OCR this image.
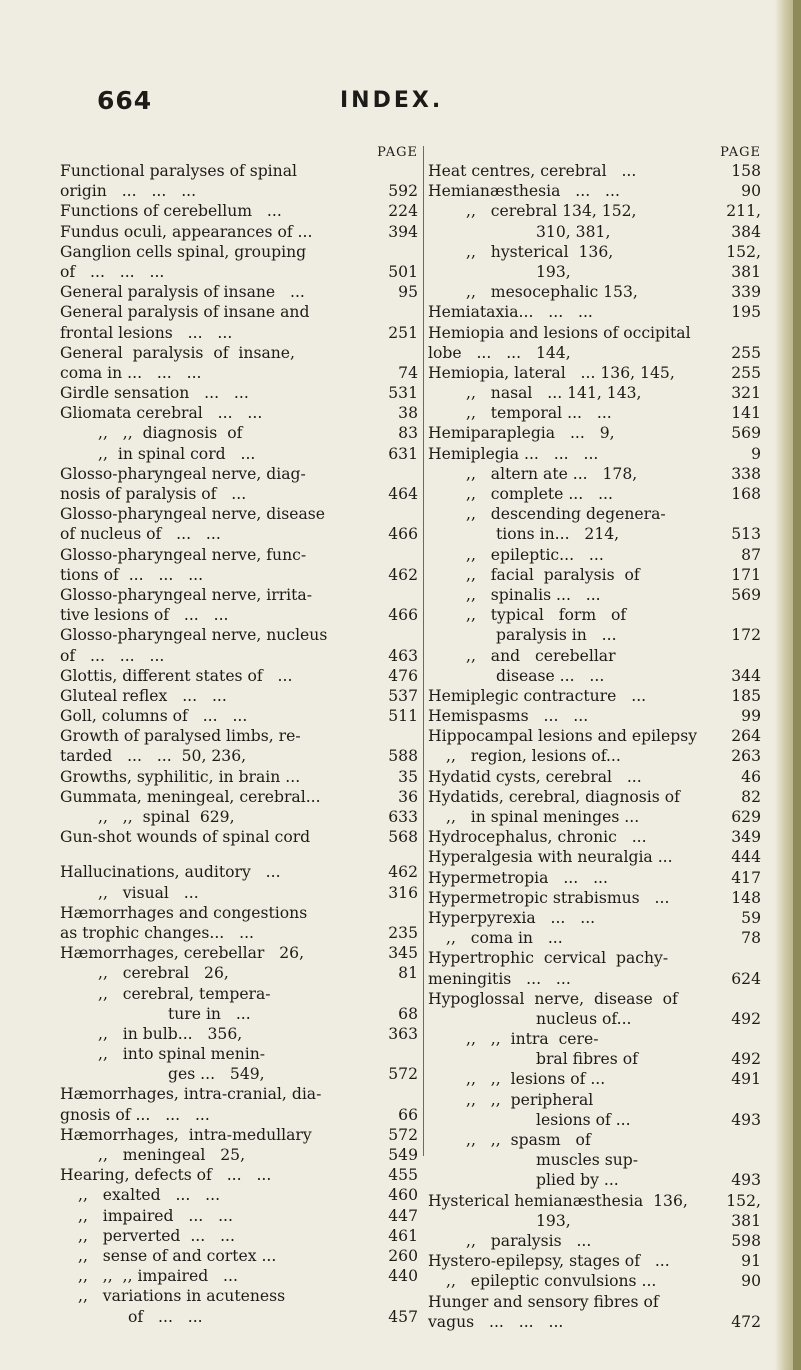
664	INDEX.
PAGE
Functional paralyses of spinal
origin   ...   ...   ...	592
Functions of cerebellum   ...	224
Fundus oculi, appearances of ...	394
Ganglion cells spinal, grouping
of   ...   ...   ...	501
General paralysis of insane   ...	95
General paralysis of insane and
frontal lesions   ...   ...	251
General  paralysis  of  insane,
coma in ...   ...   ...	74
Girdle sensation   ...   ...	531
Gliomata cerebral   ...   ...	38
,,   ,,  diagnosis  of	83
,,  in spinal cord   ...	631
Glosso-pharyngeal nerve, diag-
nosis of paralysis of   ...	464
Glosso-pharyngeal nerve, disease
of nucleus of   ...   ...	466
Glosso-pharyngeal nerve, func-
tions of  ...   ...   ...	462
Glosso-pharyngeal nerve, irrita-
tive lesions of   ...   ...	466
Glosso-pharyngeal nerve, nucleus
of   ...   ...   ...	463
Glottis, different states of   ...	476
Gluteal reflex   ...   ...	537
Goll, columns of   ...   ...	511
Growth of paralysed limbs, re-
tarded   ...   ...  50, 236,	588
Growths, syphilitic, in brain ...	35
Gummata, meningeal, cerebral...	36
,,   ,,  spinal  629,	633
Gun-shot wounds of spinal cord	568
Hallucinations, auditory   ...	462
,,   visual   ...	316
Hæmorrhages and congestions
as trophic changes...   ...	235
Hæmorrhages, cerebellar   26,	345
,,   cerebral   26,	81
,,   cerebral, tempera-
ture in   ...	68
,,   in bulb...   356,	363
,,   into spinal menin-
ges ...   549,	572
Hæmorrhages, intra-cranial, dia-
gnosis of ...   ...   ...	66
Hæmorrhages,  intra-medullary	572
,,   meningeal   25,	549
Hearing, defects of   ...   ...	455
,,   exalted   ...   ...	460
,,   impaired   ...   ...	447
,,   perverted  ...   ...	461
,,   sense of and cortex ...	260
,,   ,,  ,, impaired   ...	440
,,   variations in acuteness
of   ...   ...	457
PAGE
Heat centres, cerebral   ...	158
Hemianæsthesia   ...   ...	90
,,   cerebral 134, 152,	211,
310, 381,	384
,,   hysterical  136,	152,
193,	381
,,   mesocephalic 153,	339
Hemiataxia...   ...   ...	195
Hemiopia and lesions of occipital
lobe   ...   ...   144,	255
Hemiopia, lateral   ... 136, 145,	255
,,   nasal   ... 141, 143,	321
,,   temporal ...   ...	141
Hemiparaplegia   ...   9,	569
Hemiplegia ...   ...   ...	9
,,   altern ate ...   178,	338
,,   complete ...   ...	168
,,   descending degenera-
tions in...   214,	513
,,   epileptic...   ...	87
,,   facial  paralysis  of	171
,,   spinalis ...   ...	569
,,   typical   form   of
paralysis in   ...	172
,,   and   cerebellar
disease ...   ...	344
Hemiplegic contracture   ...	185
Hemispasms   ...   ...	99
Hippocampal lesions and epilepsy	264
,,   region, lesions of...	263
Hydatid cysts, cerebral   ...	46
Hydatids, cerebral, diagnosis of	82
,,   in spinal meninges ...	629
Hydrocephalus, chronic   ...	349
Hyperalgesia with neuralgia ...	444
Hypermetropia   ...   ...	417
Hypermetropic strabismus   ...	148
Hyperpyrexia   ...   ...	59
,,   coma in   ...	78
Hypertrophic  cervical  pachy-
meningitis   ...   ...	624
Hypoglossal  nerve,  disease  of
nucleus of...	492
,,   ,,  intra  cere-
bral fibres of	492
,,   ,,  lesions of ...	491
,,   ,,  peripheral
lesions of ...	493
,,   ,,  spasm   of
muscles sup-
plied by ...	493
Hysterical hemianæsthesia  136,	152,
193,	381
,,   paralysis   ...	598
Hystero-epilepsy, stages of   ...	91
,,   epileptic convulsions ...	90
Hunger and sensory fibres of
vagus   ...   ...   ...	472
